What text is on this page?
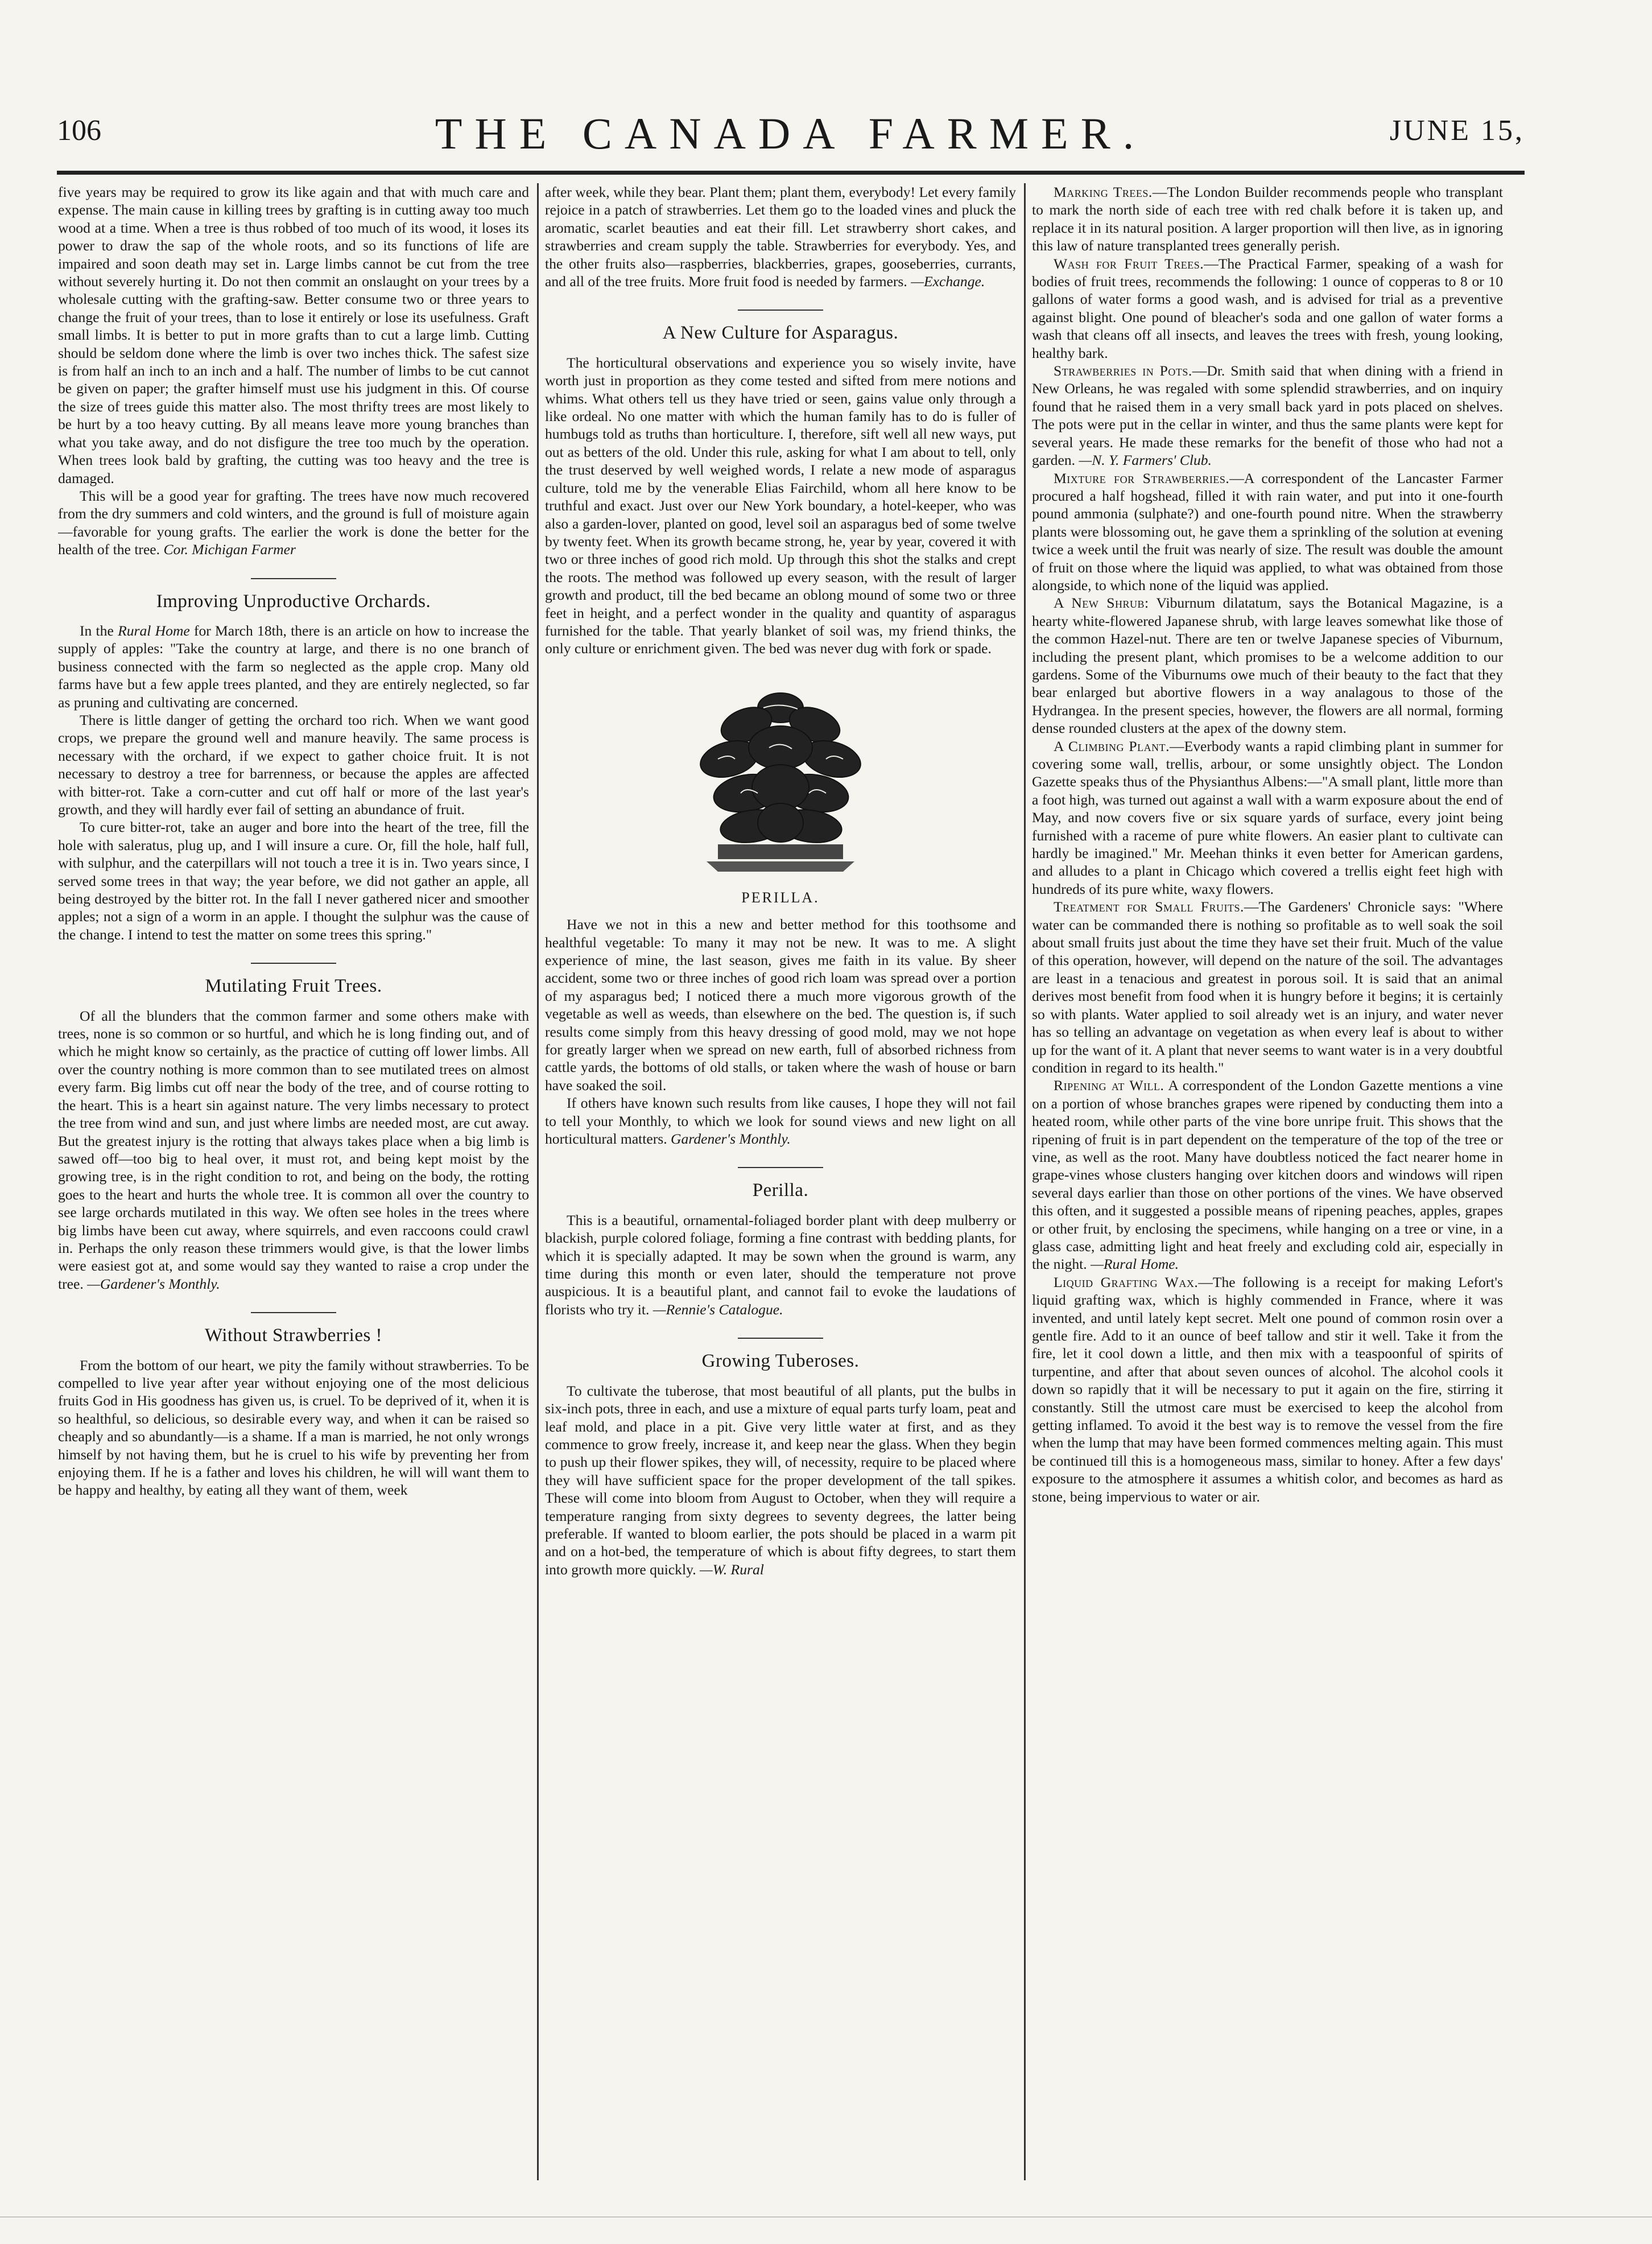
106	THE CANADA FARMER.	JUNE 15,

five years may be required to grow its like again and that with much care and expense. The main cause in killing trees by grafting is in cutting away too much wood at a time. When a tree is thus robbed of too much of its wood, it loses its power to draw the sap of the whole roots, and so its functions of life are impaired and soon death may set in. Large limbs cannot be cut from the tree without severely hurting it. Do not then commit an onslaught on your trees by a wholesale cutting with the grafting-saw. Better consume two or three years to change the fruit of your trees, than to lose it entirely or lose its usefulness. Graft small limbs. It is better to put in more grafts than to cut a large limb. Cutting should be seldom done where the limb is over two inches thick. The safest size is from half an inch to an inch and a half. The number of limbs to be cut cannot be given on paper; the grafter himself must use his judgment in this. Of course the size of trees guide this matter also. The most thrifty trees are most likely to be hurt by a too heavy cutting. By all means leave more young branches than what you take away, and do not disfigure the tree too much by the operation. When trees look bald by grafting, the cutting was too heavy and the tree is damaged.

This will be a good year for grafting. The trees have now much recovered from the dry summers and cold winters, and the ground is full of moisture again—favorable for young grafts. The earlier the work is done the better for the health of the tree. Cor. Michigan Farmer

Improving Unproductive Orchards.

In the Rural Home for March 18th, there is an article on how to increase the supply of apples: "Take the country at large, and there is no one branch of business connected with the farm so neglected as the apple crop. Many old farms have but a few apple trees planted, and they are entirely neglected, so far as pruning and cultivating are concerned.

There is little danger of getting the orchard too rich. When we want good crops, we prepare the ground well and manure heavily. The same process is necessary with the orchard, if we expect to gather choice fruit. It is not necessary to destroy a tree for barrenness, or because the apples are affected with bitter-rot. Take a corn-cutter and cut off half or more of the last year's growth, and they will hardly ever fail of setting an abundance of fruit.

To cure bitter-rot, take an auger and bore into the heart of the tree, fill the hole with saleratus, plug up, and I will insure a cure. Or, fill the hole, half full, with sulphur, and the caterpillars will not touch a tree it is in. Two years since, I served some trees in that way; the year before, we did not gather an apple, all being destroyed by the bitter rot. In the fall I never gathered nicer and smoother apples; not a sign of a worm in an apple. I thought the sulphur was the cause of the change. I intend to test the matter on some trees this spring."

Mutilating Fruit Trees.

Of all the blunders that the common farmer and some others make with trees, none is so common or so hurtful, and which he is long finding out, and of which he might know so certainly, as the practice of cutting off lower limbs. All over the country nothing is more common than to see mutilated trees on almost every farm. Big limbs cut off near the body of the tree, and of course rotting to the heart. This is a heart sin against nature. The very limbs necessary to protect the tree from wind and sun, and just where limbs are needed most, are cut away. But the greatest injury is the rotting that always takes place when a big limb is sawed off—too big to heal over, it must rot, and being kept moist by the growing tree, is in the right condition to rot, and being on the body, the rotting goes to the heart and hurts the whole tree. It is common all over the country to see large orchards mutilated in this way. We often see holes in the trees where big limbs have been cut away, where squirrels, and even raccoons could crawl in. Perhaps the only reason these trimmers would give, is that the lower limbs were easiest got at, and some would say they wanted to raise a crop under the tree. —Gardener's Monthly.

Without Strawberries !

From the bottom of our heart, we pity the family without strawberries. To be compelled to live year after year without enjoying one of the most delicious fruits God in His goodness has given us, is cruel. To be deprived of it, when it is so healthful, so delicious, so desirable every way, and when it can be raised so cheaply and so abundantly—is a shame. If a man is married, he not only wrongs himself by not having them, but he is cruel to his wife by preventing her from enjoying them. If he is a father and loves his children, he will will want them to be happy and healthy, by eating all they want of them, week

after week, while they bear. Plant them; plant them, everybody! Let every family rejoice in a patch of strawberries. Let them go to the loaded vines and pluck the aromatic, scarlet beauties and eat their fill. Let strawberry short cakes, and strawberries and cream supply the table. Strawberries for everybody. Yes, and the other fruits also—raspberries, blackberries, grapes, gooseberries, currants, and all of the tree fruits. More fruit food is needed by farmers. —Exchange.

A New Culture for Asparagus.

The horticultural observations and experience you so wisely invite, have worth just in proportion as they come tested and sifted from mere notions and whims. What others tell us they have tried or seen, gains value only through a like ordeal. No one matter with which the human family has to do is fuller of humbugs told as truths than horticulture. I, therefore, sift well all new ways, put out as betters of the old. Under this rule, asking for what I am about to tell, only the trust deserved by well weighed words, I relate a new mode of asparagus culture, told me by the venerable Elias Fairchild, whom all here know to be truthful and exact. Just over our New York boundary, a hotel-keeper, who was also a garden-lover, planted on good, level soil an asparagus bed of some twelve by twenty feet. When its growth became strong, he, year by year, covered it with two or three inches of good rich mold. Up through this shot the stalks and crept the roots. The method was followed up every season, with the result of larger growth and product, till the bed became an oblong mound of some two or three feet in height, and a perfect wonder in the quality and quantity of asparagus furnished for the table. That yearly blanket of soil was, my friend thinks, the only culture or enrichment given. The bed was never dug with fork or spade.

PERILLA.

Have we not in this a new and better method for this toothsome and healthful vegetable: To many it may not be new. It was to me. A slight experience of mine, the last season, gives me faith in its value. By sheer accident, some two or three inches of good rich loam was spread over a portion of my asparagus bed; I noticed there a much more vigorous growth of the vegetable as well as weeds, than elsewhere on the bed. The question is, if such results come simply from this heavy dressing of good mold, may we not hope for greatly larger when we spread on new earth, full of absorbed richness from cattle yards, the bottoms of old stalls, or taken where the wash of house or barn have soaked the soil.

If others have known such results from like causes, I hope they will not fail to tell your Monthly, to which we look for sound views and new light on all horticultural matters. Gardener's Monthly.

Perilla.

This is a beautiful, ornamental-foliaged border plant with deep mulberry or blackish, purple colored foliage, forming a fine contrast with bedding plants, for which it is specially adapted. It may be sown when the ground is warm, any time during this month or even later, should the temperature not prove auspicious. It is a beautiful plant, and cannot fail to evoke the laudations of florists who try it. —Rennie's Catalogue.

Growing Tuberoses.

To cultivate the tuberose, that most beautiful of all plants, put the bulbs in six-inch pots, three in each, and use a mixture of equal parts turfy loam, peat and leaf mold, and place in a pit. Give very little water at first, and as they commence to grow freely, increase it, and keep near the glass. When they begin to push up their flower spikes, they will, of necessity, require to be placed where they will have sufficient space for the proper development of the tall spikes. These will come into bloom from August to October, when they will require a temperature ranging from sixty degrees to seventy degrees, the latter being preferable. If wanted to bloom earlier, the pots should be placed in a warm pit and on a hot-bed, the temperature of which is about fifty degrees, to start them into growth more quickly. —W. Rural

Marking Trees.—The London Builder recommends people who transplant to mark the north side of each tree with red chalk before it is taken up, and replace it in its natural position. A larger proportion will then live, as in ignoring this law of nature transplanted trees generally perish.

Wash for Fruit Trees.—The Practical Farmer, speaking of a wash for bodies of fruit trees, recommends the following: 1 ounce of copperas to 8 or 10 gallons of water forms a good wash, and is advised for trial as a preventive against blight. One pound of bleacher's soda and one gallon of water forms a wash that cleans off all insects, and leaves the trees with fresh, young looking, healthy bark.

Strawberries in Pots.—Dr. Smith said that when dining with a friend in New Orleans, he was regaled with some splendid strawberries, and on inquiry found that he raised them in a very small back yard in pots placed on shelves. The pots were put in the cellar in winter, and thus the same plants were kept for several years. He made these remarks for the benefit of those who had not a garden. —N. Y. Farmers' Club.

Mixture for Strawberries.—A correspondent of the Lancaster Farmer procured a half hogshead, filled it with rain water, and put into it one-fourth pound ammonia (sulphate?) and one-fourth pound nitre. When the strawberry plants were blossoming out, he gave them a sprinkling of the solution at evening twice a week until the fruit was nearly of size. The result was double the amount of fruit on those where the liquid was applied, to what was obtained from those alongside, to which none of the liquid was applied.

A New Shrub: Viburnum dilatatum, says the Botanical Magazine, is a hearty white-flowered Japanese shrub, with large leaves somewhat like those of the common Hazel-nut. There are ten or twelve Japanese species of Viburnum, including the present plant, which promises to be a welcome addition to our gardens. Some of the Viburnums owe much of their beauty to the fact that they bear enlarged but abortive flowers in a way analagous to those of the Hydrangea. In the present species, however, the flowers are all normal, forming dense rounded clusters at the apex of the downy stem.

A Climbing Plant.—Everbody wants a rapid climbing plant in summer for covering some wall, trellis, arbour, or some unsightly object. The London Gazette speaks thus of the Physianthus Albens:—"A small plant, little more than a foot high, was turned out against a wall with a warm exposure about the end of May, and now covers five or six square yards of surface, every joint being furnished with a raceme of pure white flowers. An easier plant to cultivate can hardly be imagined." Mr. Meehan thinks it even better for American gardens, and alludes to a plant in Chicago which covered a trellis eight feet high with hundreds of its pure white, waxy flowers.

Treatment for Small Fruits.—The Gardeners' Chronicle says: "Where water can be commanded there is nothing so profitable as to well soak the soil about small fruits just about the time they have set their fruit. Much of the value of this operation, however, will depend on the nature of the soil. The advantages are least in a tenacious and greatest in porous soil. It is said that an animal derives most benefit from food when it is hungry before it begins; it is certainly so with plants. Water applied to soil already wet is an injury, and water never has so telling an advantage on vegetation as when every leaf is about to wither up for the want of it. A plant that never seems to want water is in a very doubtful condition in regard to its health."

Ripening at Will. A correspondent of the London Gazette mentions a vine on a portion of whose branches grapes were ripened by conducting them into a heated room, while other parts of the vine bore unripe fruit. This shows that the ripening of fruit is in part dependent on the temperature of the top of the tree or vine, as well as the root. Many have doubtless noticed the fact nearer home in grape-vines whose clusters hanging over kitchen doors and windows will ripen several days earlier than those on other portions of the vines. We have observed this often, and it suggested a possible means of ripening peaches, apples, grapes or other fruit, by enclosing the specimens, while hanging on a tree or vine, in a glass case, admitting light and heat freely and excluding cold air, especially in the night. —Rural Home.

Liquid Grafting Wax.—The following is a receipt for making Lefort's liquid grafting wax, which is highly commended in France, where it was invented, and until lately kept secret. Melt one pound of common rosin over a gentle fire. Add to it an ounce of beef tallow and stir it well. Take it from the fire, let it cool down a little, and then mix with a teaspoonful of spirits of turpentine, and after that about seven ounces of alcohol. The alcohol cools it down so rapidly that it will be necessary to put it again on the fire, stirring it constantly. Still the utmost care must be exercised to keep the alcohol from getting inflamed. To avoid it the best way is to remove the vessel from the fire when the lump that may have been formed commences melting again. This must be continued till this is a homogeneous mass, similar to honey. After a few days' exposure to the atmosphere it assumes a whitish color, and becomes as hard as stone, being impervious to water or air.
